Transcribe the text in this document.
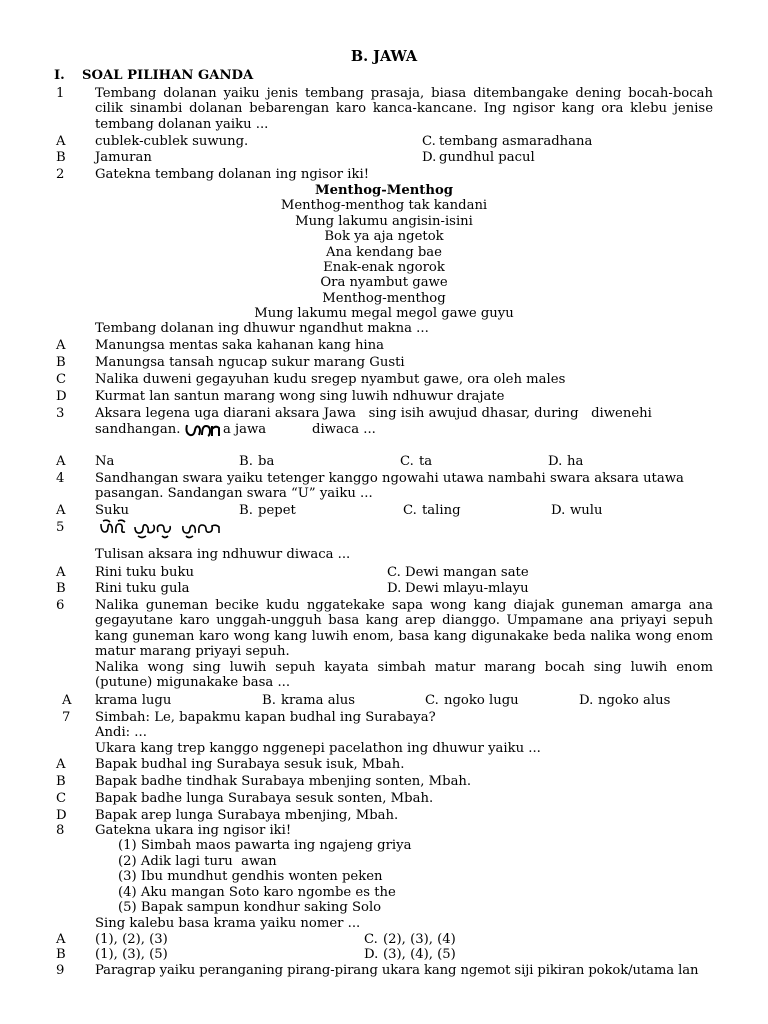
B. JAWA
I. SOAL PILIHAN GANDA
1 Tembang dolanan yaiku jenis tembang prasaja, biasa ditembangake dening bocah-bocah cilik sinambi dolanan bebarengan karo kanca-kancane. Ing ngisor kang ora klebu jenise tembang dolanan yaiku ...
A cublek-cublek suwung.	C. tembang asmaradhana
B Jamuran	D. gundhul pacul
2 Gatekna tembang dolanan ing ngisor iki!
Menthog-Menthog
Menthog-menthog tak kandani
Mung lakumu angisin-isini
Bok ya aja ngetok
Ana kendang bae
Enak-enak ngorok
Ora nyambut gawe
Menthog-menthog
Mung lakumu megal megol gawe guyu
Tembang dolanan ing dhuwur ngandhut makna ...
A Manungsa mentas saka kahanan kang hina
B Manungsa tansah ngucap sukur marang Gusti
C Nalika duweni gegayuhan kudu sregep nyambut gawe, ora oleh males
D Kurmat lan santun marang wong sing luwih ndhuwur drajate
3 Aksara legena uga diarani aksara Jawa   sing isih awujud dhasar, during   diwenehi
sandhangan.	a jawa	diwaca ...
A Na	B. ba	C. ta	D. ha
4 Sandhangan swara yaiku tetenger kanggo ngowahi utawa nambahi swara aksara utawa pasangan. Sandangan swara “U” yaiku ...
A Suku	B. pepet	C. taling	D. wulu
5
Tulisan aksara ing ndhuwur diwaca ...
A Rini tuku buku	C. Dewi mangan sate
B Rini tuku gula	D. Dewi mlayu-mlayu
6 Nalika guneman becike kudu nggatekake sapa wong kang diajak guneman amarga ana gegayutane karo unggah-ungguh basa kang arep dianggo. Umpamane ana priyayi sepuh kang guneman karo wong kang luwih enom, basa kang digunakake beda nalika wong enom matur marang priyayi sepuh.
Nalika wong sing luwih sepuh kayata simbah matur marang bocah sing luwih enom (putune) migunakake basa ...
A krama lugu	B. krama alus	C. ngoko lugu	D. ngoko alus
7 Simbah: Le, bapakmu kapan budhal ing Surabaya?
Andi: ...
Ukara kang trep kanggo nggenepi pacelathon ing dhuwur yaiku ...
A Bapak budhal ing Surabaya sesuk isuk, Mbah.
B Bapak badhe tindhak Surabaya mbenjing sonten, Mbah.
C Bapak badhe lunga Surabaya sesuk sonten, Mbah.
D Bapak arep lunga Surabaya mbenjing, Mbah.
8 Gatekna ukara ing ngisor iki!
(1) Simbah maos pawarta ing ngajeng griya
(2) Adik lagi turu  awan
(3) Ibu mundhut gendhis wonten peken
(4) Aku mangan Soto karo ngombe es the
(5) Bapak sampun kondhur saking Solo
Sing kalebu basa krama yaiku nomer ...
A (1), (2), (3)	C. (2), (3), (4)
B (1), (3), (5)	D. (3), (4), (5)
9 Paragrap yaiku peranganing pirang-pirang ukara kang ngemot siji pikiran pokok/utama lan
